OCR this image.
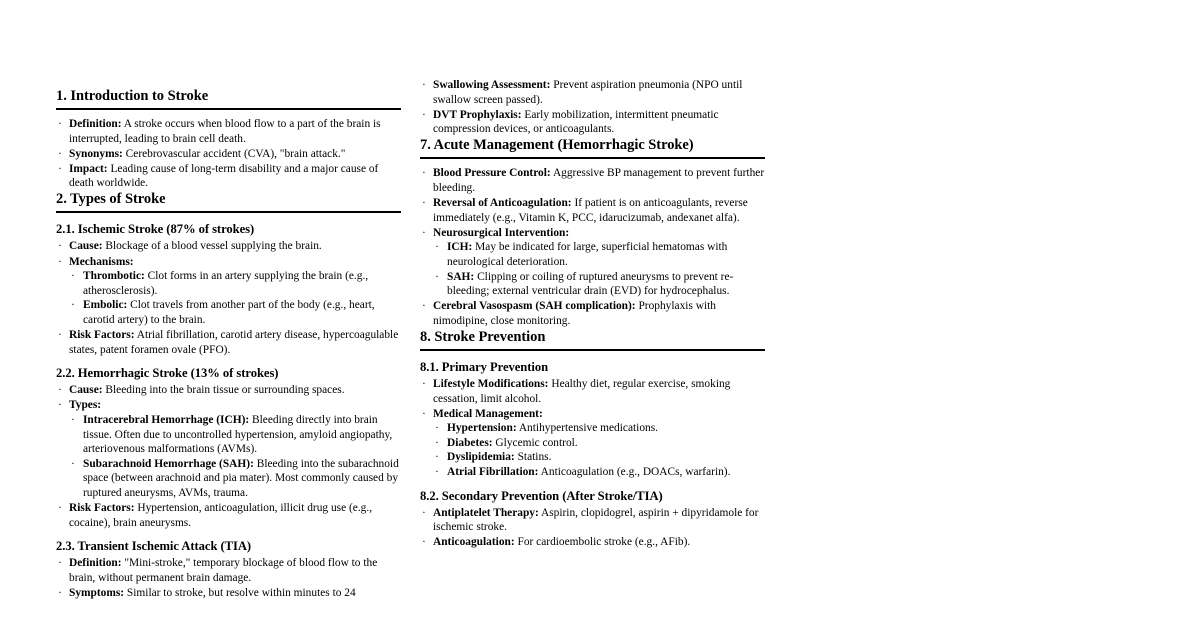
1. Introduction to Stroke
· Definition: A stroke occurs when blood flow to a part of the brain is interrupted, leading to brain cell death.
· Synonyms: Cerebrovascular accident (CVA), "brain attack."
· Impact: Leading cause of long-term disability and a major cause of death worldwide.
2. Types of Stroke
2.1. Ischemic Stroke (87% of strokes)
· Cause: Blockage of a blood vessel supplying the brain.
· Mechanisms:
· Thrombotic: Clot forms in an artery supplying the brain (e.g., atherosclerosis).
· Embolic: Clot travels from another part of the body (e.g., heart, carotid artery) to the brain.
· Risk Factors: Atrial fibrillation, carotid artery disease, hypercoagulable states, patent foramen ovale (PFO).
2.2. Hemorrhagic Stroke (13% of strokes)
· Cause: Bleeding into the brain tissue or surrounding spaces.
· Types:
· Intracerebral Hemorrhage (ICH): Bleeding directly into brain tissue. Often due to uncontrolled hypertension, amyloid angiopathy, arteriovenous malformations (AVMs).
· Subarachnoid Hemorrhage (SAH): Bleeding into the subarachnoid space (between arachnoid and pia mater). Most commonly caused by ruptured aneurysms, AVMs, trauma.
· Risk Factors: Hypertension, anticoagulation, illicit drug use (e.g., cocaine), brain aneurysms.
2.3. Transient Ischemic Attack (TIA)
· Definition: "Mini-stroke," temporary blockage of blood flow to the brain, without permanent brain damage.
· Symptoms: Similar to stroke, but resolve within minutes to 24
· Swallowing Assessment: Prevent aspiration pneumonia (NPO until swallow screen passed).
· DVT Prophylaxis: Early mobilization, intermittent pneumatic compression devices, or anticoagulants.
7. Acute Management (Hemorrhagic Stroke)
· Blood Pressure Control: Aggressive BP management to prevent further bleeding.
· Reversal of Anticoagulation: If patient is on anticoagulants, reverse immediately (e.g., Vitamin K, PCC, idarucizumab, andexanet alfa).
· Neurosurgical Intervention:
· ICH: May be indicated for large, superficial hematomas with neurological deterioration.
· SAH: Clipping or coiling of ruptured aneurysms to prevent re-bleeding; external ventricular drain (EVD) for hydrocephalus.
· Cerebral Vasospasm (SAH complication): Prophylaxis with nimodipine, close monitoring.
8. Stroke Prevention
8.1. Primary Prevention
· Lifestyle Modifications: Healthy diet, regular exercise, smoking cessation, limit alcohol.
· Medical Management:
· Hypertension: Antihypertensive medications.
· Diabetes: Glycemic control.
· Dyslipidemia: Statins.
· Atrial Fibrillation: Anticoagulation (e.g., DOACs, warfarin).
8.2. Secondary Prevention (After Stroke/TIA)
· Antiplatelet Therapy: Aspirin, clopidogrel, aspirin + dipyridamole for ischemic stroke.
· Anticoagulation: For cardioembolic stroke (e.g., AFib).
